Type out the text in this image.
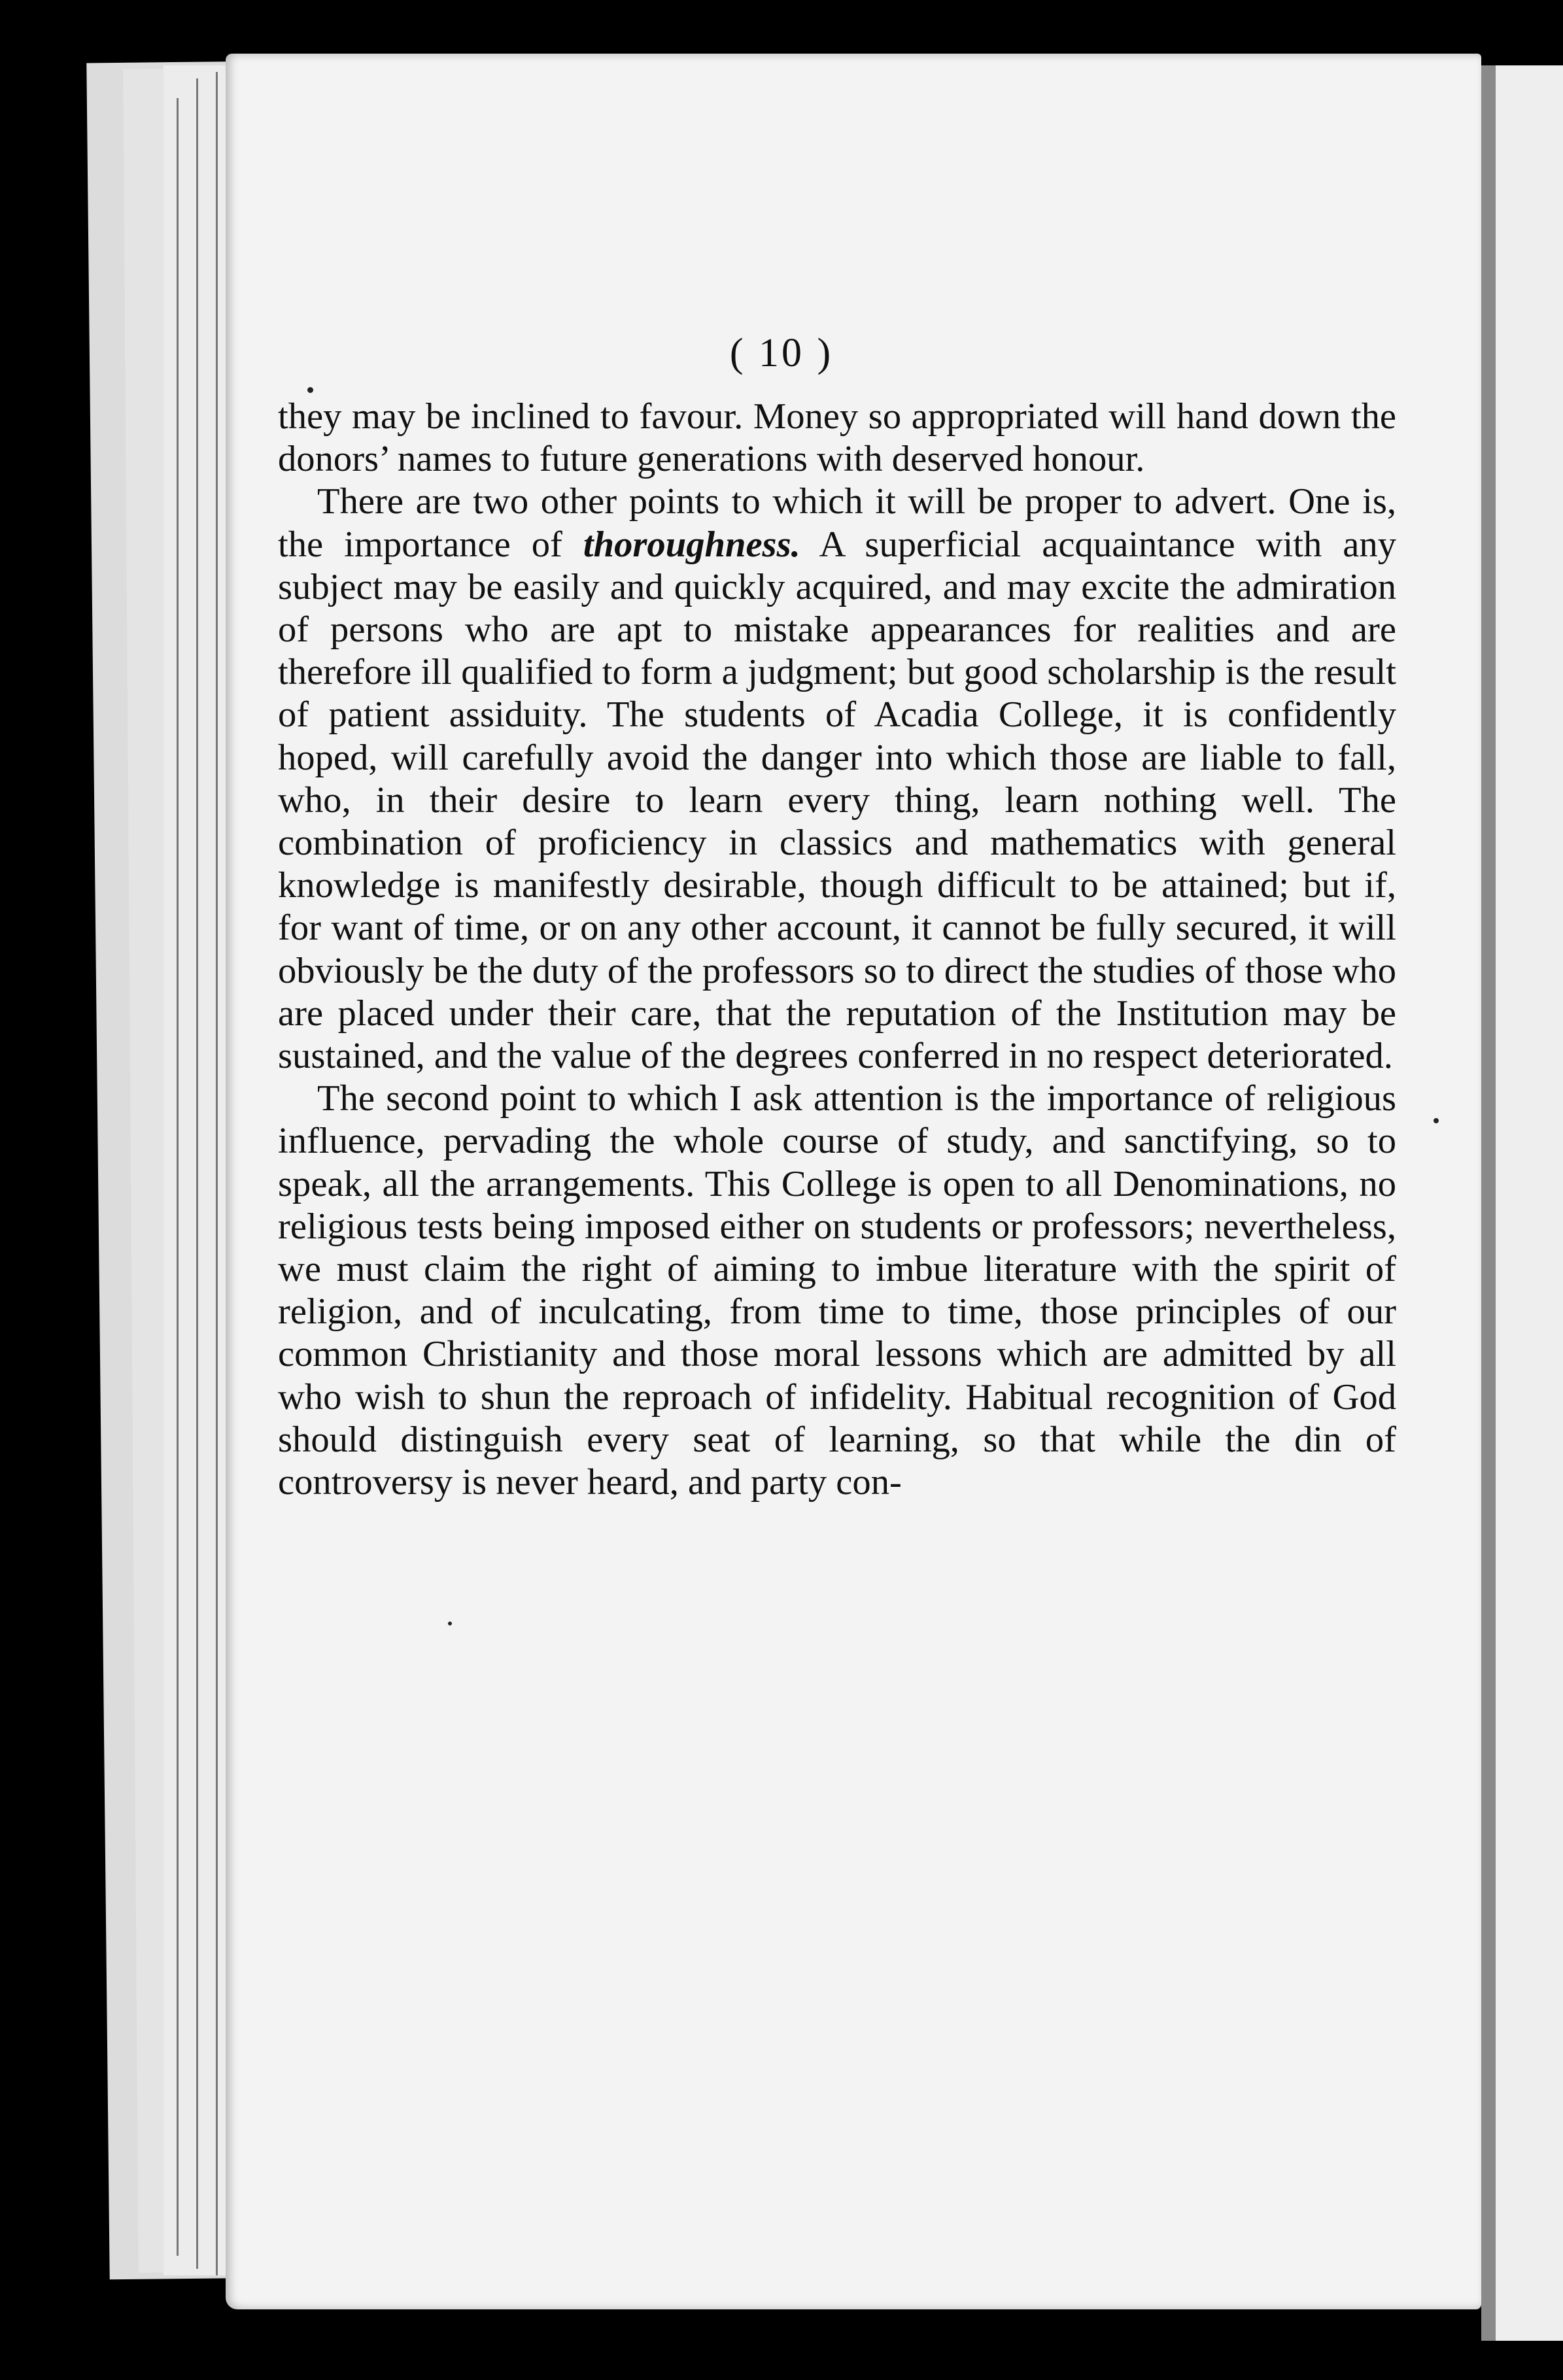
( 10 )

they may be inclined to favour. Money so appropriated will hand down the donors’ names to future generations with deserved honour.

There are two other points to which it will be proper to advert. One is, the importance of thoroughness. A superficial acquaintance with any subject may be easily and quickly acquired, and may excite the admiration of persons who are apt to mistake appearances for realities and are therefore ill qualified to form a judgment; but good scholarship is the result of patient assiduity. The students of Acadia College, it is confidently hoped, will carefully avoid the danger into which those are liable to fall, who, in their desire to learn every thing, learn nothing well. The combination of proficiency in classics and mathematics with general knowledge is manifestly desirable, though difficult to be attained; but if, for want of time, or on any other account, it cannot be fully secured, it will obviously be the duty of the professors so to direct the studies of those who are placed under their care, that the reputation of the Institution may be sustained, and the value of the degrees conferred in no respect deteriorated.

The second point to which I ask attention is the importance of religious influence, pervading the whole course of study, and sanctifying, so to speak, all the arrangements. This College is open to all Denominations, no religious tests being imposed either on students or professors; nevertheless, we must claim the right of aiming to imbue literature with the spirit of religion, and of inculcating, from time to time, those principles of our common Christianity and those moral lessons which are admitted by all who wish to shun the reproach of infidelity. Habitual recognition of God should distinguish every seat of learning, so that while the din of controversy is never heard, and party con-
